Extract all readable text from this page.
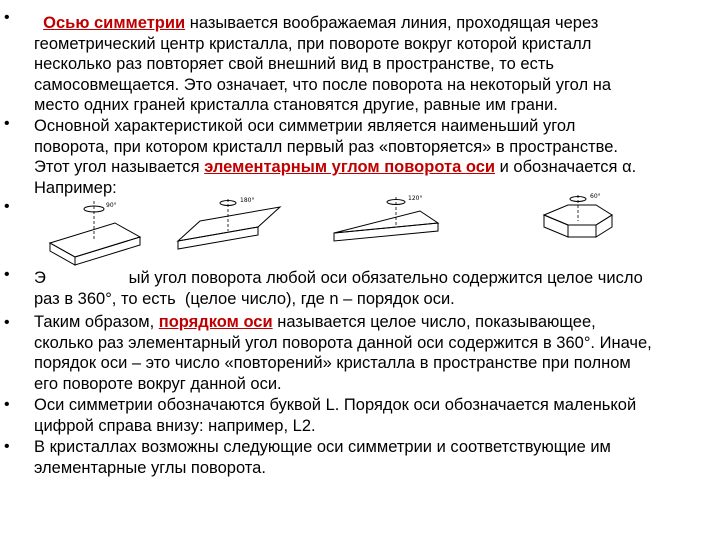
•
•
•
•
•
•
•
Осью симметрии называется воображаемая линия, проходящая через
геометрический центр кристалла, при повороте вокруг которой кристалл
несколько раз повторяет свой внешний вид в пространстве, то есть
самосовмещается. Это означает, что после поворота на некоторый угол на
место одних граней кристалла становятся другие, равные им грани.
Основной характеристикой оси симметрии является наименьший угол
поворота, при котором кристалл первый раз «повторяется» в пространстве.
Этот угол называется элементарным углом поворота оси и обозначается α.
Например:
Элементарный угол поворота любой оси обязательно содержится целое число
раз в 360°, то есть  (целое число), где n – порядок оси.
Таким образом, порядком оси называется целое число, показывающее,
сколько раз элементарный угол поворота данной оси содержится в 360°. Иначе,
порядок оси – это число «повторений» кристалла в пространстве при полном
его повороте вокруг данной оси.
Оси симметрии обозначаются буквой L. Порядок оси обозначается маленькой
цифрой справа внизу: например, L2.
В кристаллах возможны следующие оси симметрии и соответствующие им
элементарные углы поворота.
90°
180°	120°	60°
